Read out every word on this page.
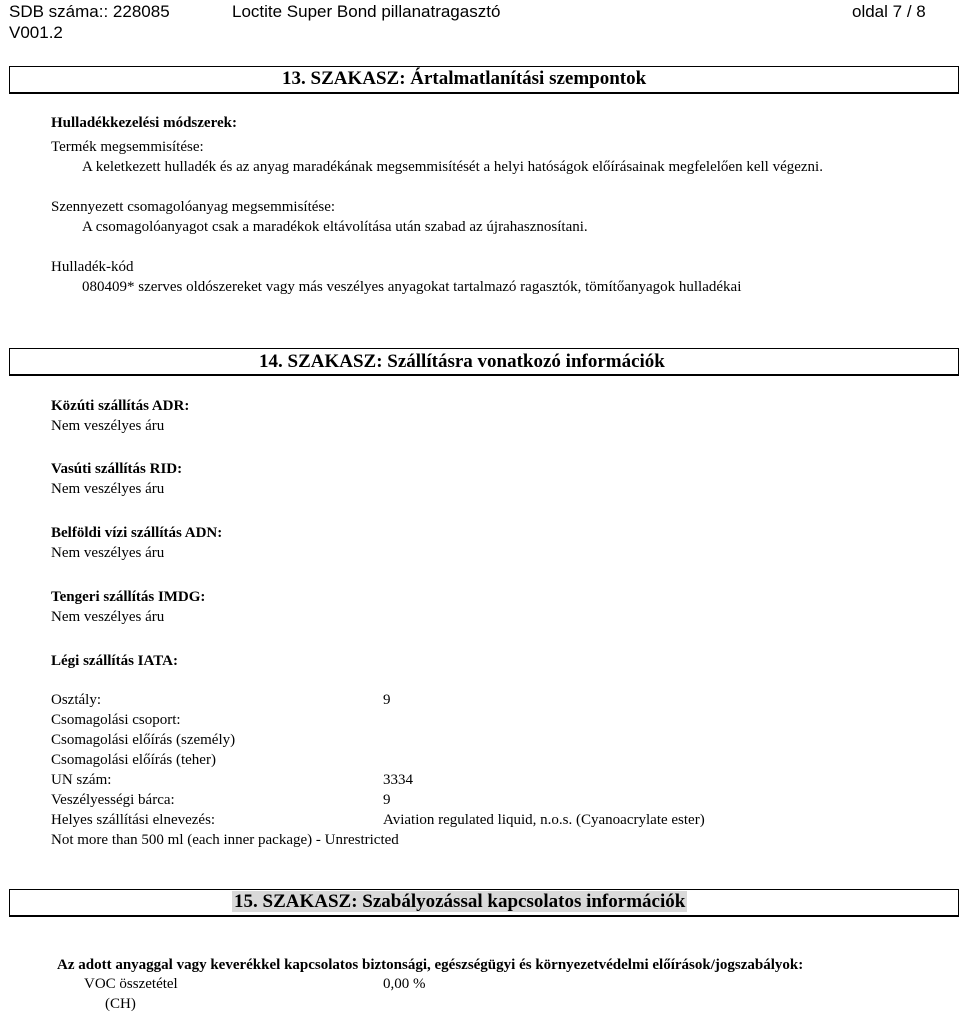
SDB száma:: 228085	Loctite Super Bond pillanatragasztó	oldal 7 / 8
V001.2
13. SZAKASZ: Ártalmatlanítási szempontok
Hulladékkezelési módszerek:
Termék megsemmisítése:
A keletkezett hulladék és az anyag maradékának megsemmisítését a helyi hatóságok előírásainak megfelelően kell végezni.
Szennyezett csomagolóanyag megsemmisítése:
A csomagolóanyagot csak a maradékok eltávolítása után szabad az újrahasznosítani.
Hulladék-kód
080409* szerves oldószereket vagy más veszélyes anyagokat tartalmazó ragasztók, tömítőanyagok hulladékai
14. SZAKASZ: Szállításra vonatkozó információk
Közúti szállítás ADR:
Nem veszélyes áru
Vasúti szállítás RID:
Nem veszélyes áru
Belföldi vízi szállítás ADN:
Nem veszélyes áru
Tengeri szállítás IMDG:
Nem veszélyes áru
Légi szállítás IATA:
Osztály:	9
Csomagolási csoport:
Csomagolási előírás (személy)
Csomagolási előírás (teher)
UN szám:	3334
Veszélyességi bárca:	9
Helyes szállítási elnevezés:	Aviation regulated liquid, n.o.s. (Cyanoacrylate ester)
Not more than 500 ml (each inner package) - Unrestricted
15. SZAKASZ: Szabályozással kapcsolatos információk
Az adott anyaggal vagy keverékkel kapcsolatos biztonsági, egészségügyi és környezetvédelmi előírások/jogszabályok:
VOC összetétel	0,00 %
(CH)
